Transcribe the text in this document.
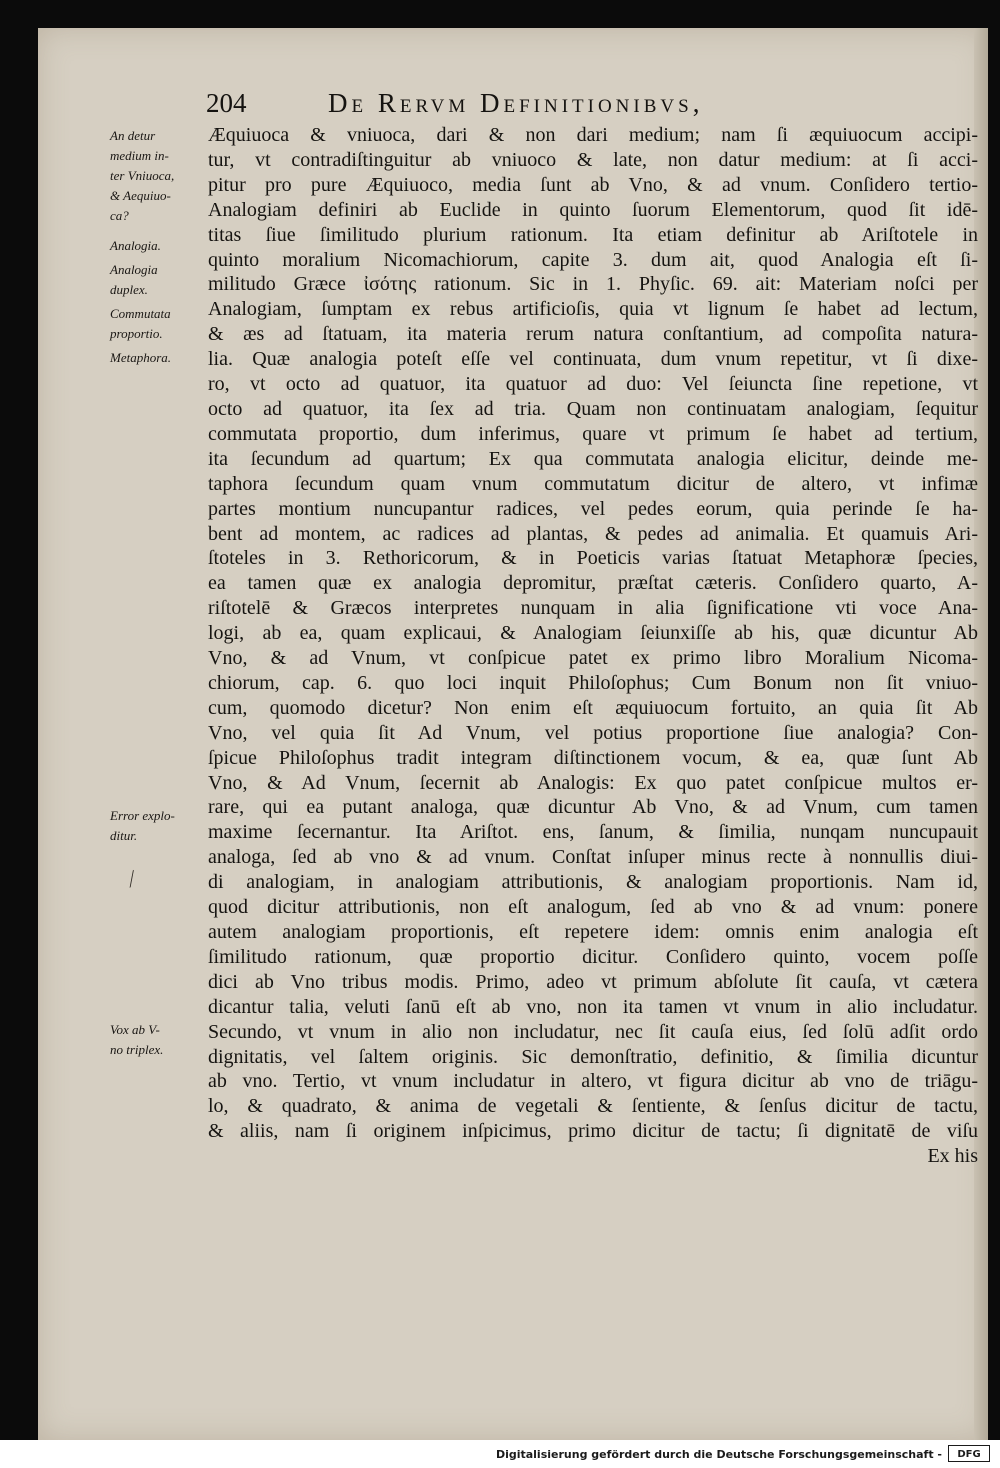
204	De Rervm Definitionibvs,
An detur
medium in-
ter Vniuoca,
& Aequiuo-
ca?
Analogia.
Analogia
duplex.
Commutata
proportio.
Metaphora.
Error explo-
ditur.
⁄
Vox ab V-
no triplex.
Æquiuoca & vniuoca, dari & non dari medium; nam ſi æquiuocum accipi-
tur, vt contradiſtinguitur ab vniuoco & late, non datur medium: at ſi acci-
pitur pro pure Æquiuoco, media ſunt ab Vno, & ad vnum. Conſidero tertio-
Analogiam definiri ab Euclide in quinto ſuorum Elementorum, quod ſit idē-
titas ſiue ſimilitudo plurium rationum. Ita etiam definitur ab Ariſtotele in
quinto moralium Nicomachiorum, capite 3. dum ait, quod Analogia eſt ſi-
militudo Græce ἰσότης rationum. Sic in 1. Phyſic. 69. ait: Materiam noſci per
Analogiam, ſumptam ex rebus artificioſis, quia vt lignum ſe habet ad lectum,
& æs ad ſtatuam, ita materia rerum natura conſtantium, ad compoſita natura-
lia. Quæ analogia poteſt eſſe vel continuata, dum vnum repetitur, vt ſi dixe-
ro, vt octo ad quatuor, ita quatuor ad duo: Vel ſeiuncta ſine repetione, vt
octo ad quatuor, ita ſex ad tria. Quam non continuatam analogiam, ſequitur
commutata proportio, dum inferimus, quare vt primum ſe habet ad tertium,
ita ſecundum ad quartum; Ex qua commutata analogia elicitur, deinde me-
taphora ſecundum quam vnum commutatum dicitur de altero, vt infimæ
partes montium nuncupantur radices, vel pedes eorum, quia perinde ſe ha-
bent ad montem, ac radices ad plantas, & pedes ad animalia. Et quamuis Ari-
ſtoteles in 3. Rethoricorum, & in Poeticis varias ſtatuat Metaphoræ ſpecies,
ea tamen quæ ex analogia depromitur, præſtat cæteris. Conſidero quarto, A-
riſtotelē & Græcos interpretes nunquam in alia ſignificatione vti voce Ana-
logi, ab ea, quam explicaui, & Analogiam ſeiunxiſſe ab his, quæ dicuntur Ab
Vno, & ad Vnum, vt conſpicue patet ex primo libro Moralium Nicoma-
chiorum, cap. 6. quo loci inquit Philoſophus; Cum Bonum non ſit vniuo-
cum, quomodo dicetur? Non enim eſt æquiuocum fortuito, an quia ſit Ab
Vno, vel quia ſit Ad Vnum, vel potius proportione ſiue analogia? Con-
ſpicue Philoſophus tradit integram diſtinctionem vocum, & ea, quæ ſunt Ab
Vno, & Ad Vnum, ſecernit ab Analogis: Ex quo patet conſpicue multos er-
rare, qui ea putant analoga, quæ dicuntur Ab Vno, & ad Vnum, cum tamen
maxime ſecernantur. Ita Ariſtot. ens, ſanum, & ſimilia, nunqam nuncupauit
analoga, ſed ab vno & ad vnum. Conſtat inſuper minus recte à nonnullis diui-
di analogiam, in analogiam attributionis, & analogiam proportionis. Nam id,
quod dicitur attributionis, non eſt analogum, ſed ab vno & ad vnum: ponere
autem analogiam proportionis, eſt repetere idem: omnis enim analogia eſt
ſimilitudo rationum, quæ proportio dicitur. Conſidero quinto, vocem poſſe
dici ab Vno tribus modis. Primo, adeo vt primum abſolute ſit cauſa, vt cætera
dicantur talia, veluti ſanū eſt ab vno, non ita tamen vt vnum in alio includatur.
Secundo, vt vnum in alio non includatur, nec ſit cauſa eius, ſed ſolū adſit ordo
dignitatis, vel ſaltem originis. Sic demonſtratio, definitio, & ſimilia dicuntur
ab vno. Tertio, vt vnum includatur in altero, vt figura dicitur ab vno de triāgu-
lo, & quadrato, & anima de vegetali & ſentiente, & ſenſus dicitur de tactu,
& aliis, nam ſi originem inſpicimus, primo dicitur de tactu; ſi dignitatē de viſu
Ex his
Digitalisierung gefördert durch die Deutsche Forschungsgemeinschaft -	DFG
